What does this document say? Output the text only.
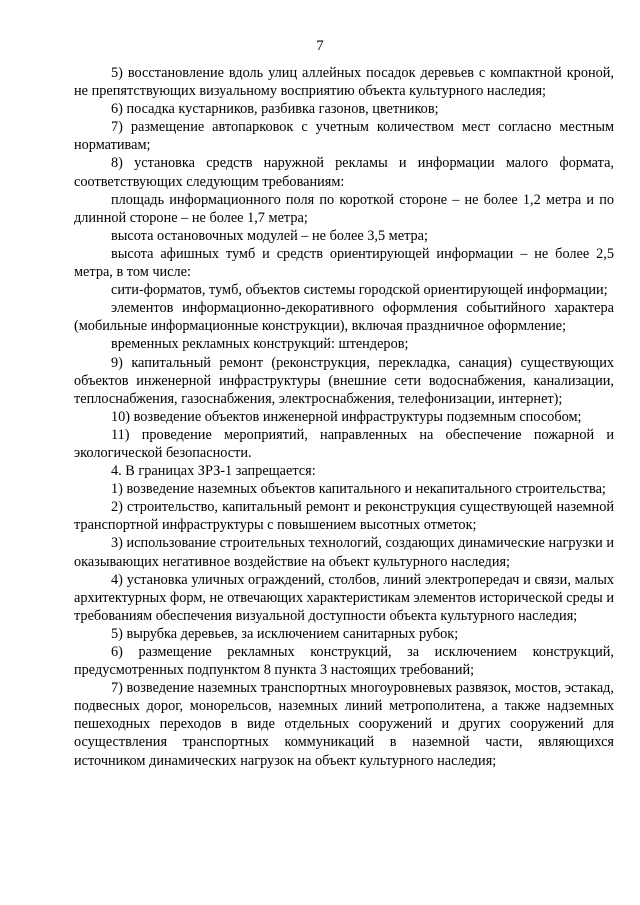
7

5) восстановление вдоль улиц аллейных посадок деревьев с компактной кроной, не препятствующих визуальному восприятию объекта культурного наследия;

6) посадка кустарников, разбивка газонов, цветников;

7) размещение автопарковок с учетным количеством мест согласно местным нормативам;

8) установка средств наружной рекламы и информации малого формата, соответствующих следующим требованиям:

площадь информационного поля по короткой стороне – не более 1,2 метра и по длинной стороне – не более 1,7 метра;

высота остановочных модулей – не более 3,5 метра;

высота афишных тумб и средств ориентирующей информации – не более 2,5 метра, в том числе:

сити-форматов, тумб, объектов системы городской ориентирующей информации;

элементов информационно-декоративного оформления событийного характера (мобильные информационные конструкции), включая праздничное оформление;

временных рекламных конструкций: штендеров;

9) капитальный ремонт (реконструкция, перекладка, санация) существующих объектов инженерной инфраструктуры (внешние сети водоснабжения, канализации, теплоснабжения, газоснабжения, электроснабжения, телефонизации, интернет);

10) возведение объектов инженерной инфраструктуры подземным способом;

11) проведение мероприятий, направленных на обеспечение пожарной и экологической безопасности.

4. В границах ЗРЗ-1 запрещается:

1) возведение наземных объектов капитального и некапитального строительства;

2) строительство, капитальный ремонт и реконструкция существующей наземной транспортной инфраструктуры с повышением высотных отметок;

3) использование строительных технологий, создающих динамические нагрузки и оказывающих негативное воздействие на объект культурного наследия;

4) установка уличных ограждений, столбов, линий электропередач и связи, малых архитектурных форм, не отвечающих характеристикам элементов исторической среды и требованиям обеспечения визуальной доступности объекта культурного наследия;

5) вырубка деревьев, за исключением санитарных рубок;

6) размещение рекламных конструкций, за исключением конструкций, предусмотренных подпунктом 8 пункта 3 настоящих требований;

7) возведение наземных транспортных многоуровневых развязок, мостов, эстакад, подвесных дорог, монорельсов, наземных линий метрополитена, а также надземных пешеходных переходов в виде отдельных сооружений и других сооружений для осуществления транспортных коммуникаций в наземной части, являющихся источником динамических нагрузок на объект культурного наследия;
